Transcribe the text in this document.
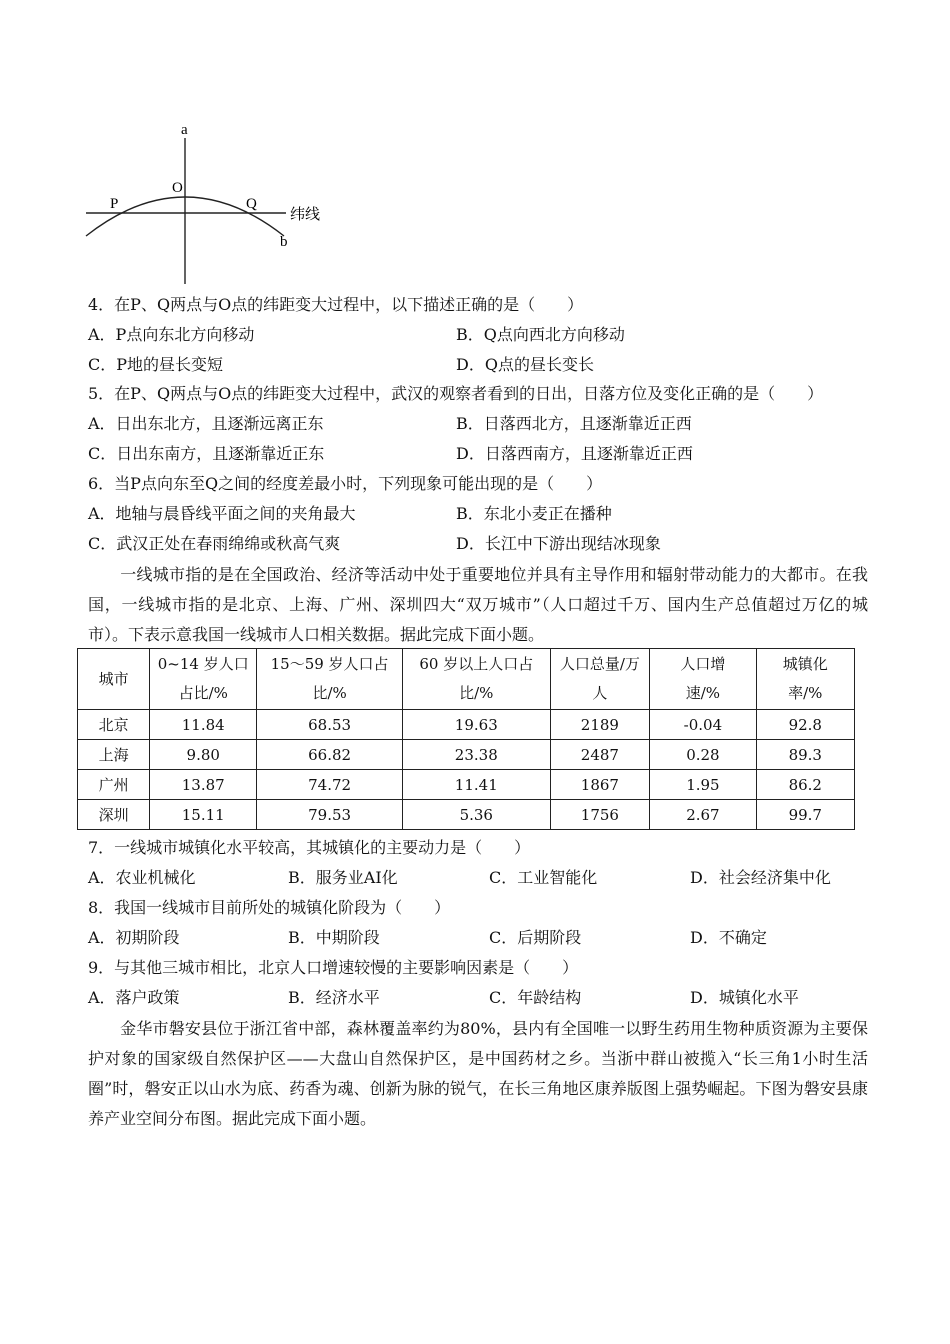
a
O
P	Q
b
纬线
4．在P、Q两点与O点的纬距变大过程中，以下描述正确的是（　　）
A．P点向东北方向移动	B．Q点向西北方向移动
C．P地的昼长变短	D．Q点的昼长变长
5．在P、Q两点与O点的纬距变大过程中，武汉的观察者看到的日出，日落方位及变化正确的是（　　）
A．日出东北方，且逐渐远离正东	B．日落西北方，且逐渐靠近正西
C．日出东南方，且逐渐靠近正东	D．日落西南方，且逐渐靠近正西
6．当P点向东至Q之间的经度差最小时，下列现象可能出现的是（　　）
A．地轴与晨昏线平面之间的夹角最大	B．东北小麦正在播种
C．武汉正处在春雨绵绵或秋高气爽	D．长江中下游出现结冰现象
一线城市指的是在全国政治、经济等活动中处于重要地位并具有主导作用和辐射带动能力的大都市。在我国，一线城市指的是北京、上海、广州、深圳四大“双万城市”（人口超过千万、国内生产总值超过万亿的城市）。下表示意我国一线城市人口相关数据。据此完成下面小题。
城市	0~14 岁人口占比/%	15～59 岁人口占比/%	60 岁以上人口占比/%	人口总量/万人	人口增速/%	城镇化率/%
北京	11.84	68.53	19.63	2189	-0.04	92.8
上海	9.80	66.82	23.38	2487	0.28	89.3
广州	13.87	74.72	11.41	1867	1.95	86.2
深圳	15.11	79.53	5.36	1756	2.67	99.7
7．一线城市城镇化水平较高，其城镇化的主要动力是（　　）
A．农业机械化	B．服务业AI化	C．工业智能化	D．社会经济集中化
8．我国一线城市目前所处的城镇化阶段为（　　）
A．初期阶段	B．中期阶段	C．后期阶段	D．不确定
9．与其他三城市相比，北京人口增速较慢的主要影响因素是（　　）
A．落户政策	B．经济水平	C．年龄结构	D．城镇化水平
金华市磐安县位于浙江省中部，森林覆盖率约为80%，县内有全国唯一以野生药用生物种质资源为主要保护对象的国家级自然保护区——大盘山自然保护区，是中国药材之乡。当浙中群山被揽入“长三角1小时生活圈”时，磐安正以山水为底、药香为魂、创新为脉的锐气，在长三角地区康养版图上强势崛起。下图为磐安县康养产业空间分布图。据此完成下面小题。
